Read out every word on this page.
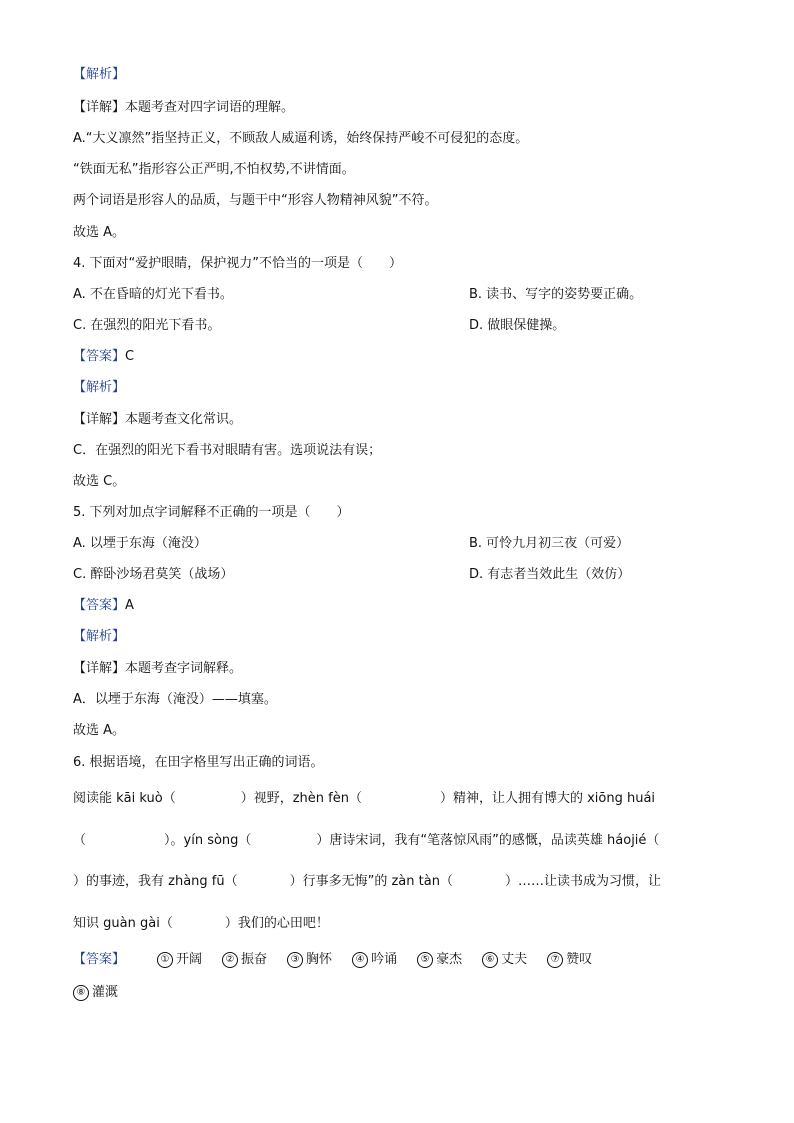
【解析】

【详解】本题考查对四字词语的理解。

A.“大义凛然”指坚持正义，不顾敌人威逼利诱，始终保持严峻不可侵犯的态度。

“铁面无私”指形容公正严明,不怕权势,不讲情面。

两个词语是形容人的品质，与题干中“形容人物精神风貌”不符。

故选 A。

4. 下面对“爱护眼睛，保护视力”不恰当的一项是（　　）

A. 不在昏暗的灯光下看书。	B. 读书、写字的姿势要正确。

C. 在强烈的阳光下看书。	D. 做眼保健操。

【答案】C

【解析】

【详解】本题考查文化常识。

C．在强烈的阳光下看书对眼睛有害。选项说法有误；

故选 C。

5. 下列对加点字词解释不正确的一项是（　　）

A. 以堙于东海（淹没）	B. 可怜九月初三夜（可爱）

C. 醉卧沙场君莫笑（战场）	D. 有志者当效此生（效仿）

【答案】A

【解析】

【详解】本题考查字词解释。

A．以堙于东海（淹没）——填塞。

故选 A。

6. 根据语境，在田字格里写出正确的词语。

阅读能 kāi kuò（　　　　　）视野，zhèn fèn（　　　　　　）精神，让人拥有博大的 xiōng huái

（　　　　　　）。yín sòng（　　　　　）唐诗宋词，我有“笔落惊风雨”的感慨，品读英雄 háojié（

）的事迹，我有 zhàng fū（　　　　）行事多无悔”的 zàn tàn（　　　　）……让读书成为习惯，让

知识 guàn gài（　　　　）我们的心田吧！

【答案】	① 开阔 ② 振奋 ③ 胸怀 ④ 吟诵 ⑤ 豪杰 ⑥ 丈夫 ⑦ 赞叹

⑧ 灌溉
